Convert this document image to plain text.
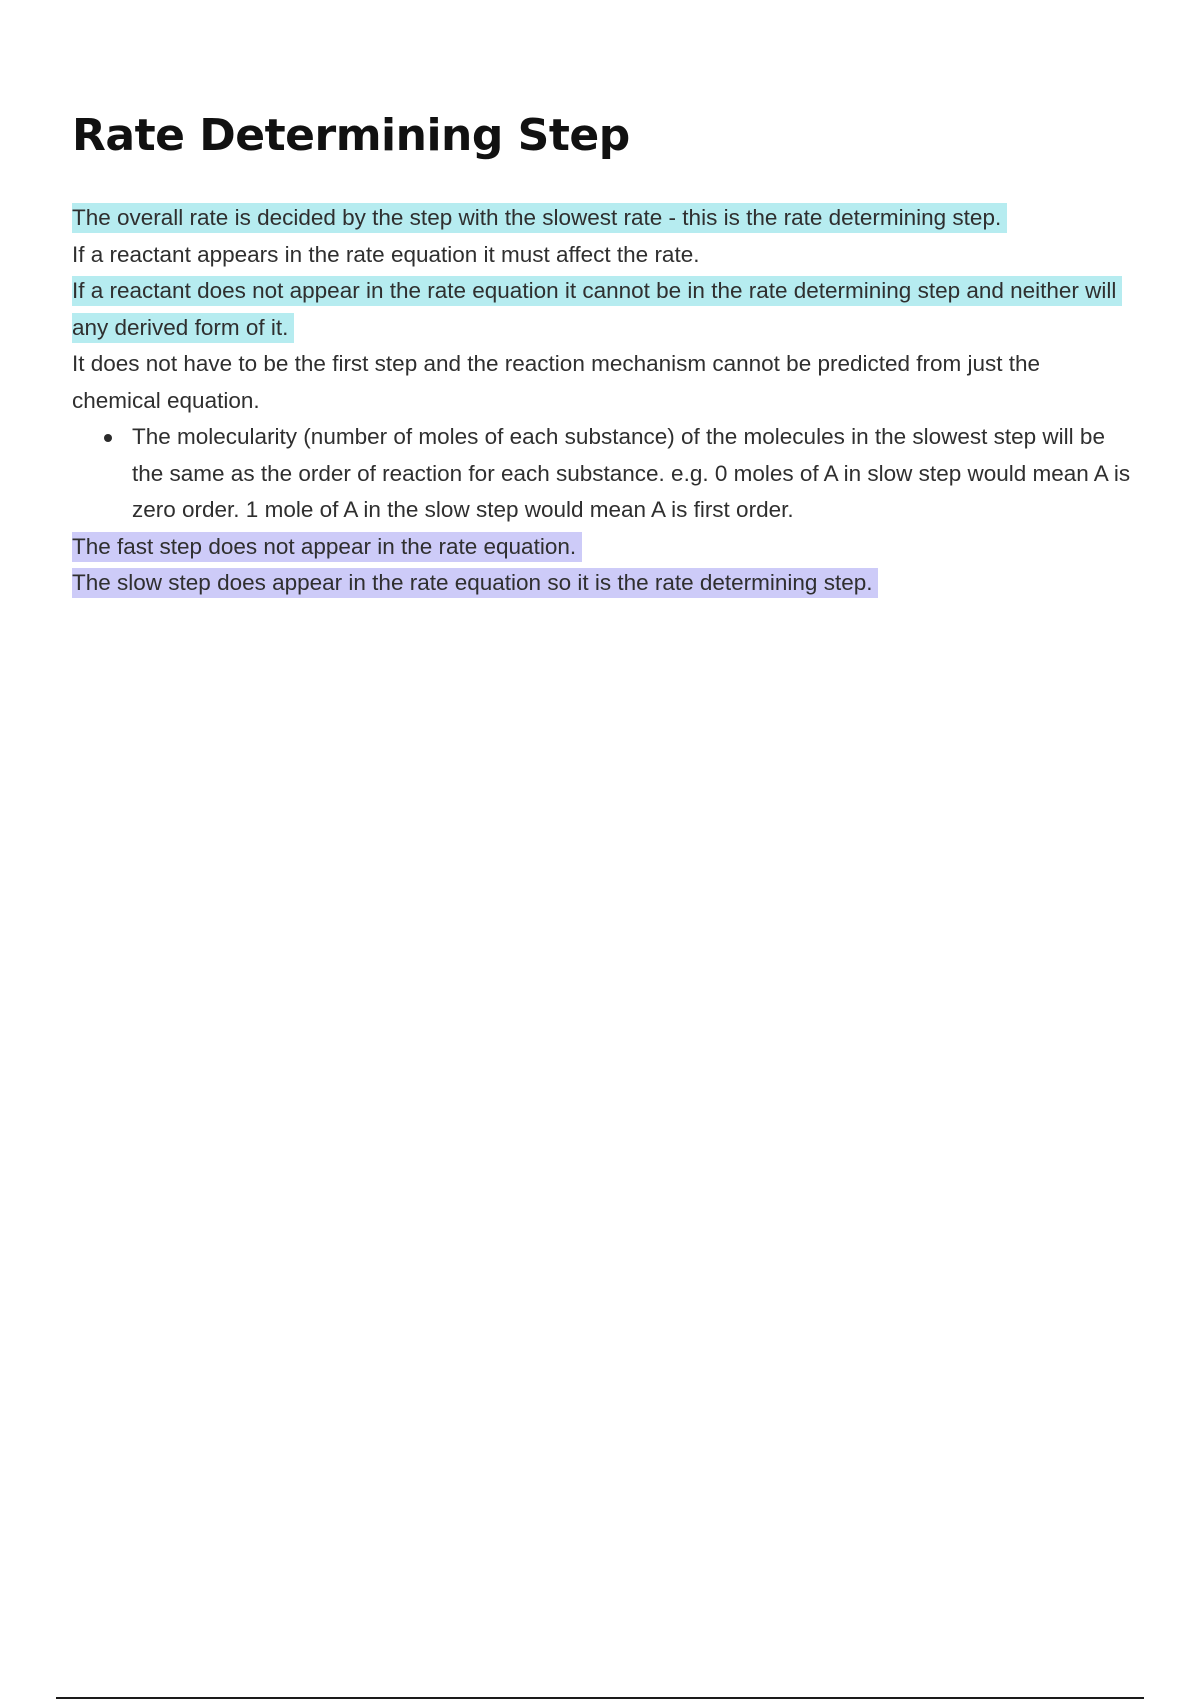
Rate Determining Step

The overall rate is decided by the step with the slowest rate - this is the rate determining step.

If a reactant appears in the rate equation it must affect the rate.

If a reactant does not appear in the rate equation it cannot be in the rate determining step and neither will any derived form of it.

It does not have to be the first step and the reaction mechanism cannot be predicted from just the chemical equation.

The molecularity (number of moles of each substance) of the molecules in the slowest step will be the same as the order of reaction for each substance. e.g. 0 moles of A in slow step would mean A is zero order. 1 mole of A in the slow step would mean A is first order.

The fast step does not appear in the rate equation.

The slow step does appear in the rate equation so it is the rate determining step.
